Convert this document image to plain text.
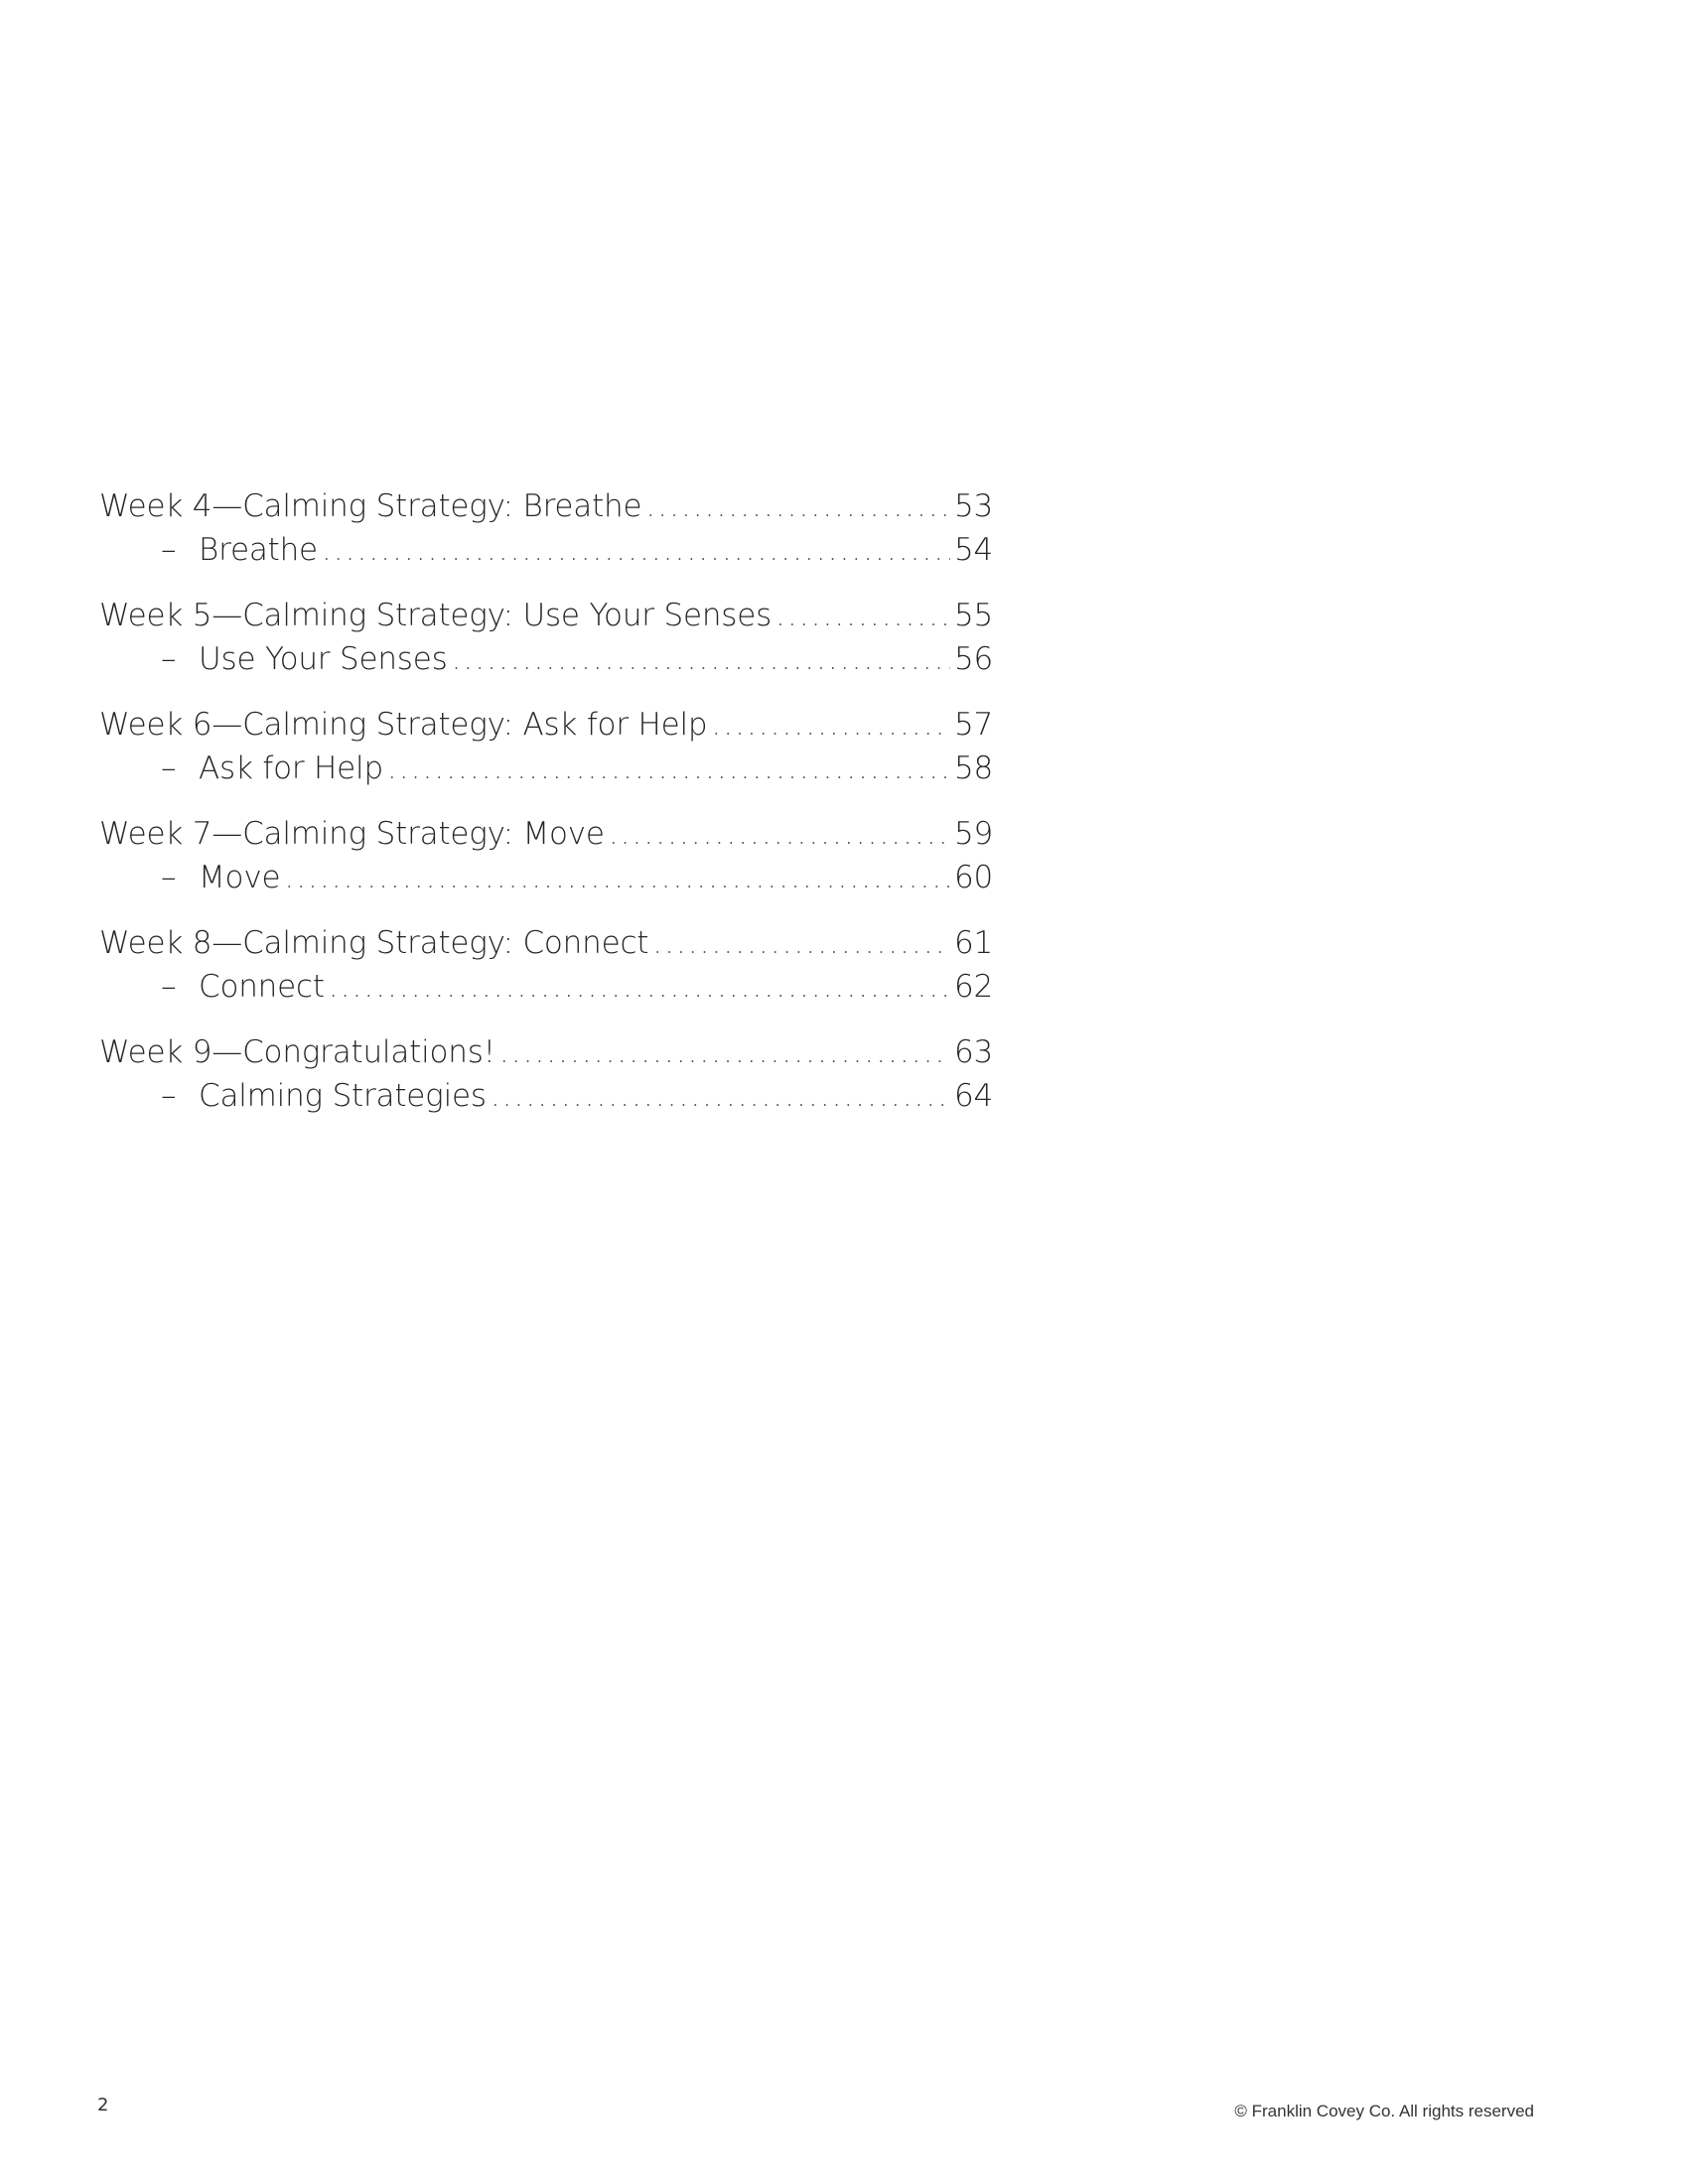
Week 4—Calming Strategy: Breathe .....	53
– Breathe .....	54
Week 5—Calming Strategy: Use Your Senses .....	55
– Use Your Senses .....	56
Week 6—Calming Strategy: Ask for Help .....	57
– Ask for Help .....	58
Week 7—Calming Strategy: Move .....	59
– Move .....	60
Week 8—Calming Strategy: Connect .....	61
– Connect .....	62
Week 9—Congratulations! .....	63
– Calming Strategies .....	64
2	© Franklin Covey Co. All rights reserved
